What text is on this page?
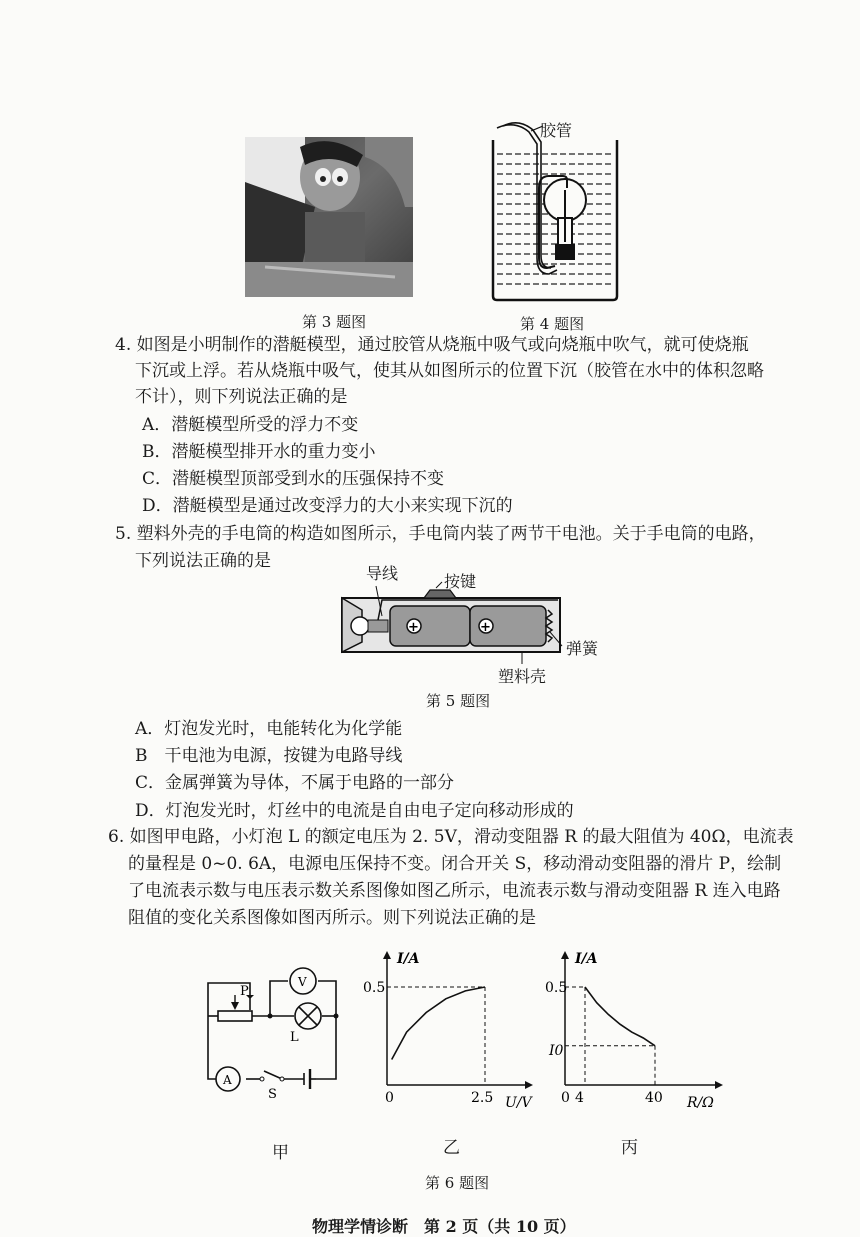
第 3 题图
胶管
第 4 题图
4. 如图是小明制作的潜艇模型，通过胶管从烧瓶中吸气或向烧瓶中吹气，就可使烧瓶
下沉或上浮。若从烧瓶中吸气，使其从如图所示的位置下沉（胶管在水中的体积忽略
不计），则下列说法正确的是
A．潜艇模型所受的浮力不变
B．潜艇模型排开水的重力变小
C．潜艇模型顶部受到水的压强保持不变
D．潜艇模型是通过改变浮力的大小来实现下沉的
5. 塑料外壳的手电筒的构造如图所示，手电筒内装了两节干电池。关于手电筒的电路，
下列说法正确的是
+	+
导线	按键
弹簧
塑料壳
第 5 题图
A．灯泡发光时，电能转化为化学能
B　干电池为电源，按键为电路导线
C．金属弹簧为导体，不属于电路的一部分
D．灯泡发光时，灯丝中的电流是自由电子定向移动形成的
6. 如图甲电路，小灯泡 L 的额定电压为 2. 5V，滑动变阻器 R 的最大阻值为 40Ω，电流表
的量程是 0~0. 6A，电源电压保持不变。闭合开关 S，移动滑动变阻器的滑片 P，绘制
了电流表示数与电压表示数关系图像如图乙所示，电流表示数与滑动变阻器 R 连入电路
阻值的变化关系图像如图丙所示。则下列说法正确的是
P
V
L
A
S
I/A
U/V
0.5
0	2.5
I/A
R/Ω
0.5
I0
0 4	40
甲	乙	丙
第 6 题图
物理学情诊断　第 2 页（共 10 页）
